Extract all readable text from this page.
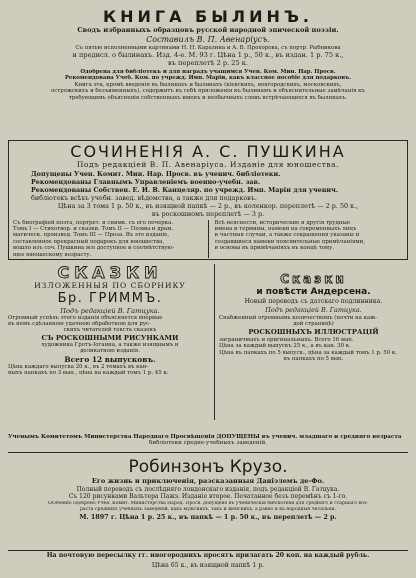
КНИГА БЫЛИНЪ.
Сводъ избранныхъ образцовъ русской народной эпической поэзіи.
Составилъ В. П. Авенаріусъ.
Съ пятью исполненными картинами Н. Н. Каразина и А. В. Прохорова, съ портр. Рыбникова
и предисл. о былинахъ. Изд. 4-е. М. 93 г. Цѣна 1 р., 50 к., въ издан. 1 р. 75 к.,
въ переплетѣ 2 р. 25 к.
Одобрена для библіотекъ и для наградъ учащимся Учен. Ком. Мин. Нар. Просв.
Рекомендована Учеб. Ком. по учрежд. Имп. Маріи, какъ классное пособіе для подарковъ.
Книга эта, кромѣ введенія въ былинахъ и былинахъ (кіевскихъ, новгородскихъ, московскихъ,
острожскихъ и безъименныхъ), содержитъ въ себѣ приложенія къ былинамъ и объяснительные замѣчанія къ
требующимъ объясненія собственныхъ именъ и необычныхъ словъ встрѣчающихся въ былинахъ.
СОЧИНЕНІЯ А. С. ПУШКИНА
Подъ редакціей В. П. Авенаріуса. Изданіе для юношества.
Допущены Учен. Комит. Мин. Нар. Просв. въ ученич. библіотеки.
Рекомендованы Главнымъ Управленіемъ военно-учебн. зав.
Рекомендованы Собствен. Е. И. В. Канцеляр. по учрежд. Имп. Маріи для ученич.
библіотекъ всѣхъ учебн. завед. вѣдомства, а также для подарковъ.
Цѣна за 3 тома 1 р. 50 к., въ изящной папкѣ — 2 р., въ коленкор. переплетѣ — 2 р. 50 к.,
въ роскошномъ переплетѣ — 3 р.
Съ биографіей поэта, портрет. и снимк. съ его почерка.
Томъ I — Стихотвор. и сказки. Томъ II — Поэмы и драм.
матическ. произвед. Томъ III — Проза. Въ это изданіе,
составленное прекрасный подарокъ для юношества,
вошло изъ соч. Пушкина все доступное и соотвѣтствую-
щее юношескому возрасту.
Всѣ неясности, исторические и другія трудные
имена и термины, намеки на современныхъ лицъ
и частныя случаи, а также сокращения указаны и
создавшиеся намеки пояснительные примѣчаніями,
и основы въ примѣчаніяхъ въ концѣ тому.
СКАЗКИ
ИЗЛОЖЕННЫЯ ПО СБОРНИКУ
Бр. ГРИММЪ.
Подъ редакціей В. Гатцука.
Огромный успѣхъ этого изданія объясняется впервые
въ немъ сдѣланною удачною обработкою для рус-
скихъ читателей текста сказокъ
СЪ РОСКОШНЫМИ РИСУНКАМИ
художника Гротъ-Іоганна, а также изящнымъ и
деликатною изданія.
Всего 12 выпусковъ.
Цѣна каждаго выпуска 20 к., въ 2 томахъ въ кан-
ныхъ папкахъ по 3 вып., цѣна на каждый томъ 1 р. 45 к.
Сказки
и повѣсти Андерсена.
Новый переводъ съ датскаго подлинника.
Подъ редакціей В. Гатцука.
Снабженный огромнымъ количествомъ (почти на каж-
дой страницѣ)
РОСКОШНЫХЪ ИЛЛЮСТРАЦІЙ
заграничныхъ и оригинальныхъ. Всего 16 вып.
Цѣна за каждый выпускъ 25 к., а въ кан. 30 к.
Цѣна въ папкахъ по 5 выпуск., цѣна за каждый томъ 1 р. 50 к.
въ папкахъ по 5 вып.
Ученымъ Комитетомъ Министерства Народнаго Просвѣщенія ДОПУЩЕНЫ въ ученич. младшаго и средняго возраста
библіотеки средне-учебныхъ заведеній.
Робинзонъ Крузо.
Его жизнь и приключенія, разсказанныя Даніэлемъ де-Фо.
Полный переводъ съ послѣдняго лондонскаго изданія, подъ редакціей В. Гатцука.
Съ 120 рисунками Вальтера Пажэ. Изданіе второе. Печатанное безъ перемѣнъ съ 1-го.
Особенно одобрено Учен. Комит. Министерства Народ. Просв. допущено въ ученическія библіотеки для средняго и старшаго воз-
раста среднихъ учебныхъ заведеній, какъ мужскихъ, такъ и женскихъ, а равно и въ народныя читальни.
М. 1897 г. Цѣна 1 р. 25 к., въ папкѣ — 1 р. 50 к., въ переплетѣ — 2 р.
На почтовую пересылку гг. иногороднихъ просятъ прилагать 20 коп. на каждый рубль.
Цѣна 65 к., въ изящной папкѣ 1 р.
